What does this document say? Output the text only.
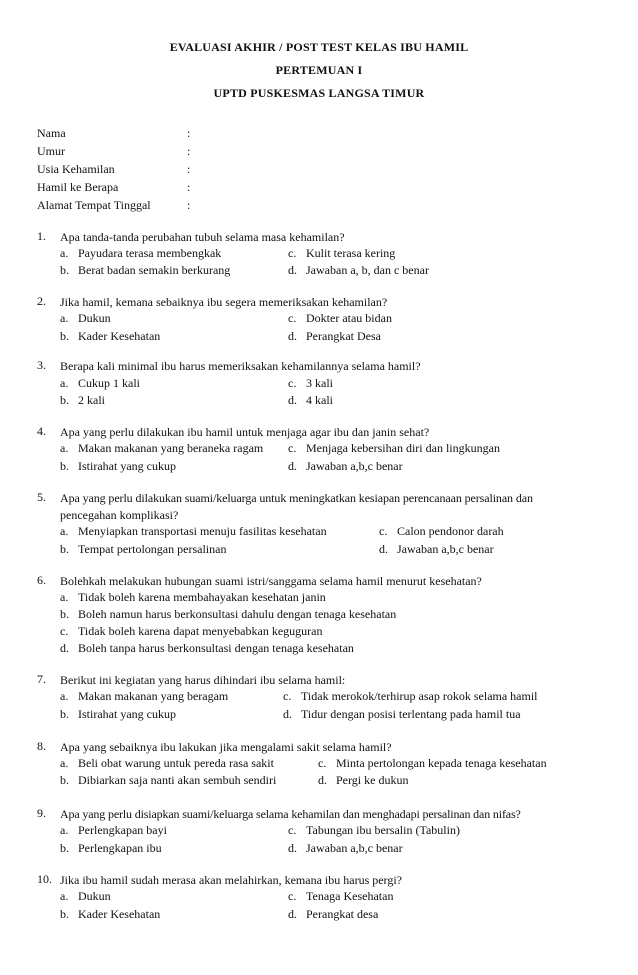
EVALUASI AKHIR / POST TEST KELAS IBU HAMIL
PERTEMUAN I
UPTD PUSKESMAS LANGSA TIMUR
Nama	:
Umur	:
Usia Kehamilan	:
Hamil ke Berapa	:
Alamat Tempat Tinggal	:
1. Apa tanda-tanda perubahan tubuh selama masa kehamilan?
a. Payudara terasa membengkak
b. Berat badan semakin berkurang
c. Kulit terasa kering
d. Jawaban a, b, dan c benar
2. Jika hamil, kemana sebaiknya ibu segera memeriksakan kehamilan?
a. Dukun
b. Kader Kesehatan
c. Dokter atau bidan
d. Perangkat Desa
3. Berapa kali minimal ibu harus memeriksakan kehamilannya selama hamil?
a. Cukup 1 kali
b. 2 kali
c. 3 kali
d. 4 kali
4. Apa yang perlu dilakukan ibu hamil untuk menjaga agar ibu dan janin sehat?
a. Makan makanan yang beraneka ragam
b. Istirahat yang cukup
c. Menjaga kebersihan diri dan lingkungan
d. Jawaban a,b,c benar
5. Apa yang perlu dilakukan suami/keluarga untuk meningkatkan kesiapan perencanaan persalinan dan
pencegahan komplikasi?
a. Menyiapkan transportasi menuju fasilitas kesehatan
b. Tempat pertolongan persalinan
c. Calon pendonor darah
d. Jawaban a,b,c benar
6. Bolehkah melakukan hubungan suami istri/sanggama selama hamil menurut kesehatan?
a. Tidak boleh karena membahayakan kesehatan janin
b. Boleh namun harus berkonsultasi dahulu dengan tenaga kesehatan
c. Tidak boleh karena dapat menyebabkan keguguran
d. Boleh tanpa harus berkonsultasi dengan tenaga kesehatan
7. Berikut ini kegiatan yang harus dihindari ibu selama hamil:
a. Makan makanan yang beragam
b. Istirahat yang cukup
c. Tidak merokok/terhirup asap rokok selama hamil
d. Tidur dengan posisi terlentang pada hamil tua
8. Apa yang sebaiknya ibu lakukan jika mengalami sakit selama hamil?
a. Beli obat warung untuk pereda rasa sakit
b. Dibiarkan saja nanti akan sembuh sendiri
c. Minta pertolongan kepada tenaga kesehatan
d. Pergi ke dukun
9. Apa yang perlu disiapkan suami/keluarga selama kehamilan dan menghadapi persalinan dan nifas?
a. Perlengkapan bayi
b. Perlengkapan ibu
c. Tabungan ibu bersalin (Tabulin)
d. Jawaban a,b,c benar
10. Jika ibu hamil sudah merasa akan melahirkan, kemana ibu harus pergi?
a. Dukun
b. Kader Kesehatan
c. Tenaga Kesehatan
d. Perangkat desa
